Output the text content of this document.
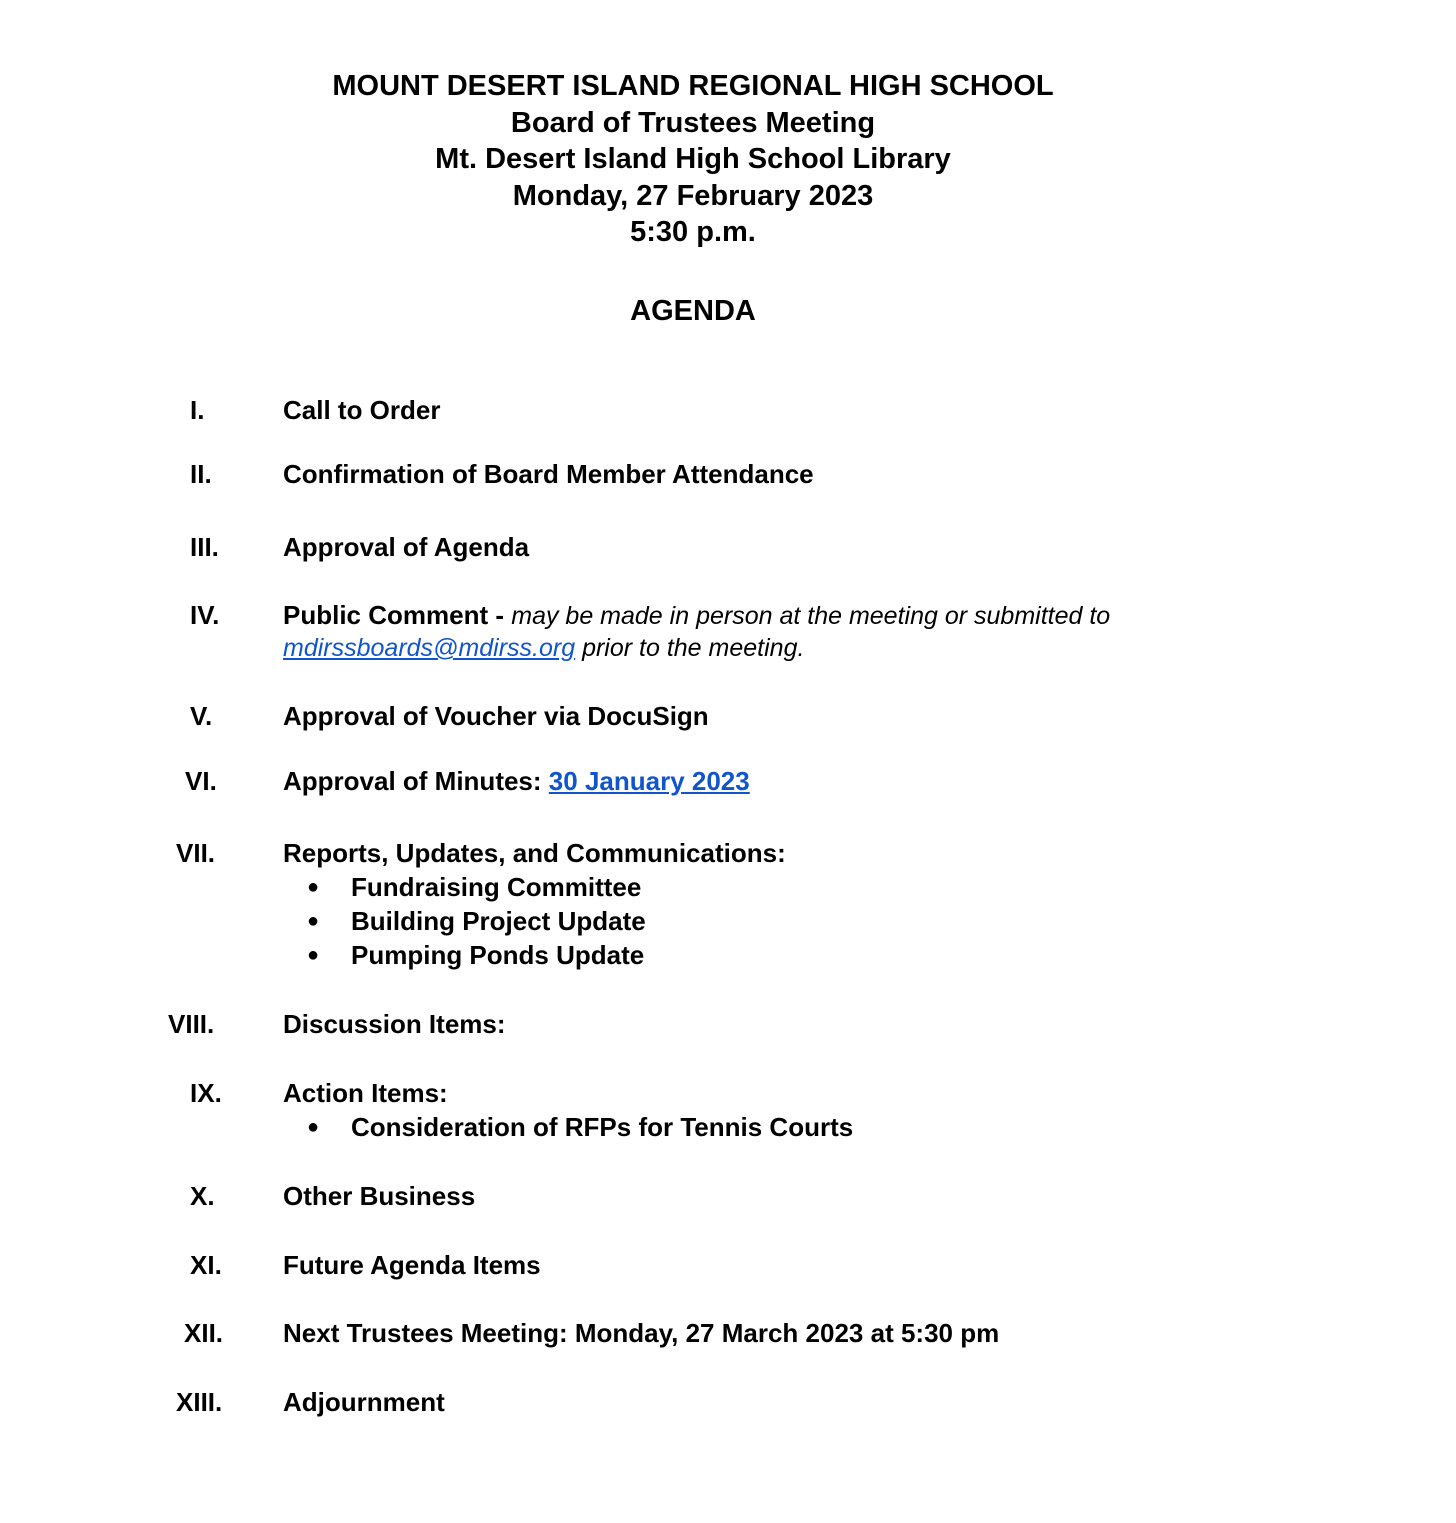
MOUNT DESERT ISLAND REGIONAL HIGH SCHOOL
Board of Trustees Meeting
Mt. Desert Island High School Library
Monday, 27 February 2023
5:30 p.m.
AGENDA
I.	Call to Order
II.	Confirmation of Board Member Attendance
III.	Approval of Agenda
IV.	Public Comment - may be made in person at the meeting or submitted to
mdirssboards@mdirss.org prior to the meeting.
V.	Approval of Voucher via DocuSign
VI.	Approval of Minutes: 30 January 2023
VII.	Reports, Updates, and Communications:
● Fundraising Committee
● Building Project Update
● Pumping Ponds Update
VIII.	Discussion Items:
IX.	Action Items:
● Consideration of RFPs for Tennis Courts
X.	Other Business
XI.	Future Agenda Items
XII.	Next Trustees Meeting: Monday, 27 March 2023 at 5:30 pm
XIII.	Adjournment
